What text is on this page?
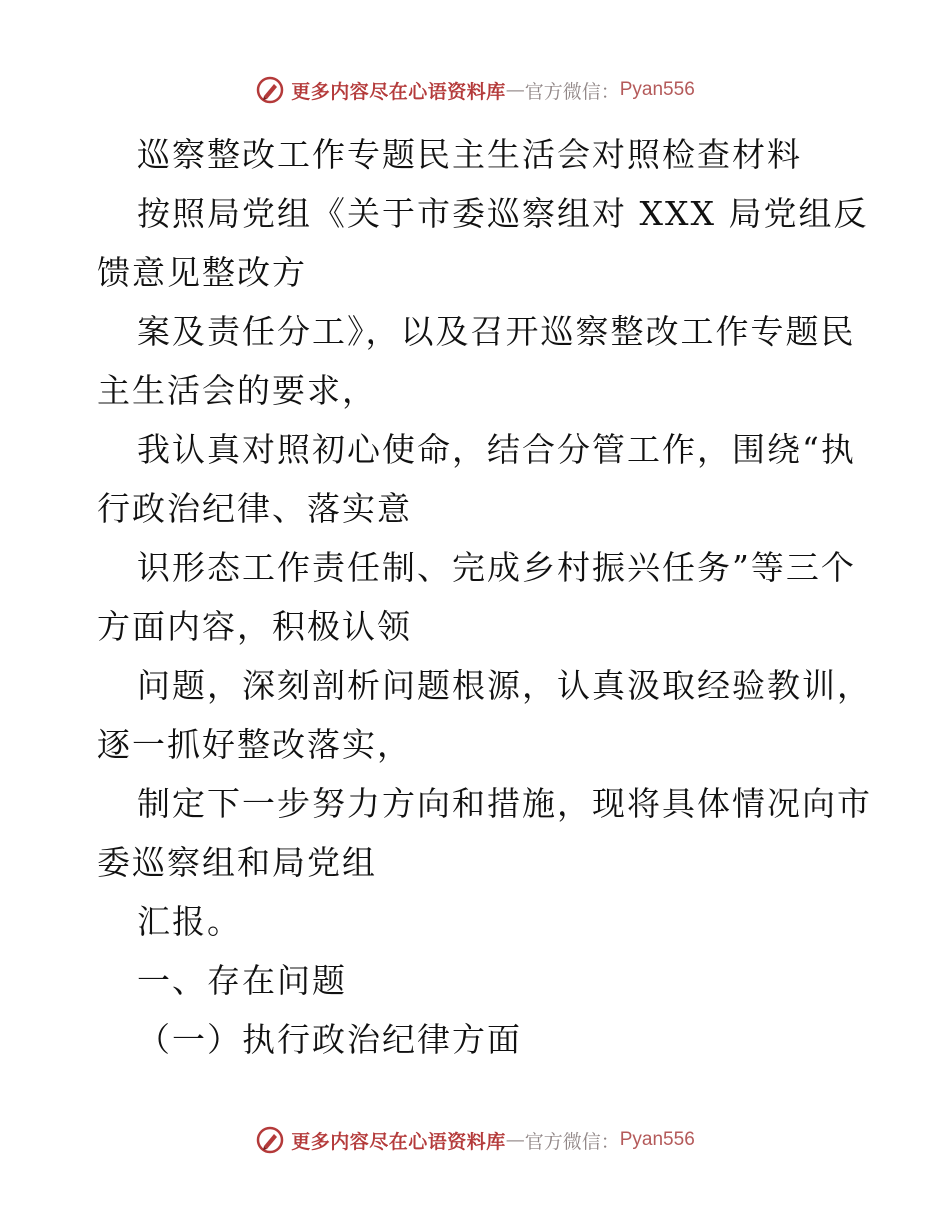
更多内容尽在心语资料库 — 官方微信： Pyan556
巡察整改工作专题民主生活会对照检查材料
按照局党组《关于市委巡察组对 XXX 局党组反
馈意见整改方
案及责任分工》，以及召开巡察整改工作专题民
主生活会的要求，
我认真对照初心使命，结合分管工作，围绕“执
行政治纪律、落实意
识形态工作责任制、完成乡村振兴任务”等三个
方面内容，积极认领
问题，深刻剖析问题根源，认真汲取经验教训，
逐一抓好整改落实，
制定下一步努力方向和措施，现将具体情况向市
委巡察组和局党组
汇报。
一、存在问题
（一）执行政治纪律方面
更多内容尽在心语资料库 — 官方微信： Pyan556
